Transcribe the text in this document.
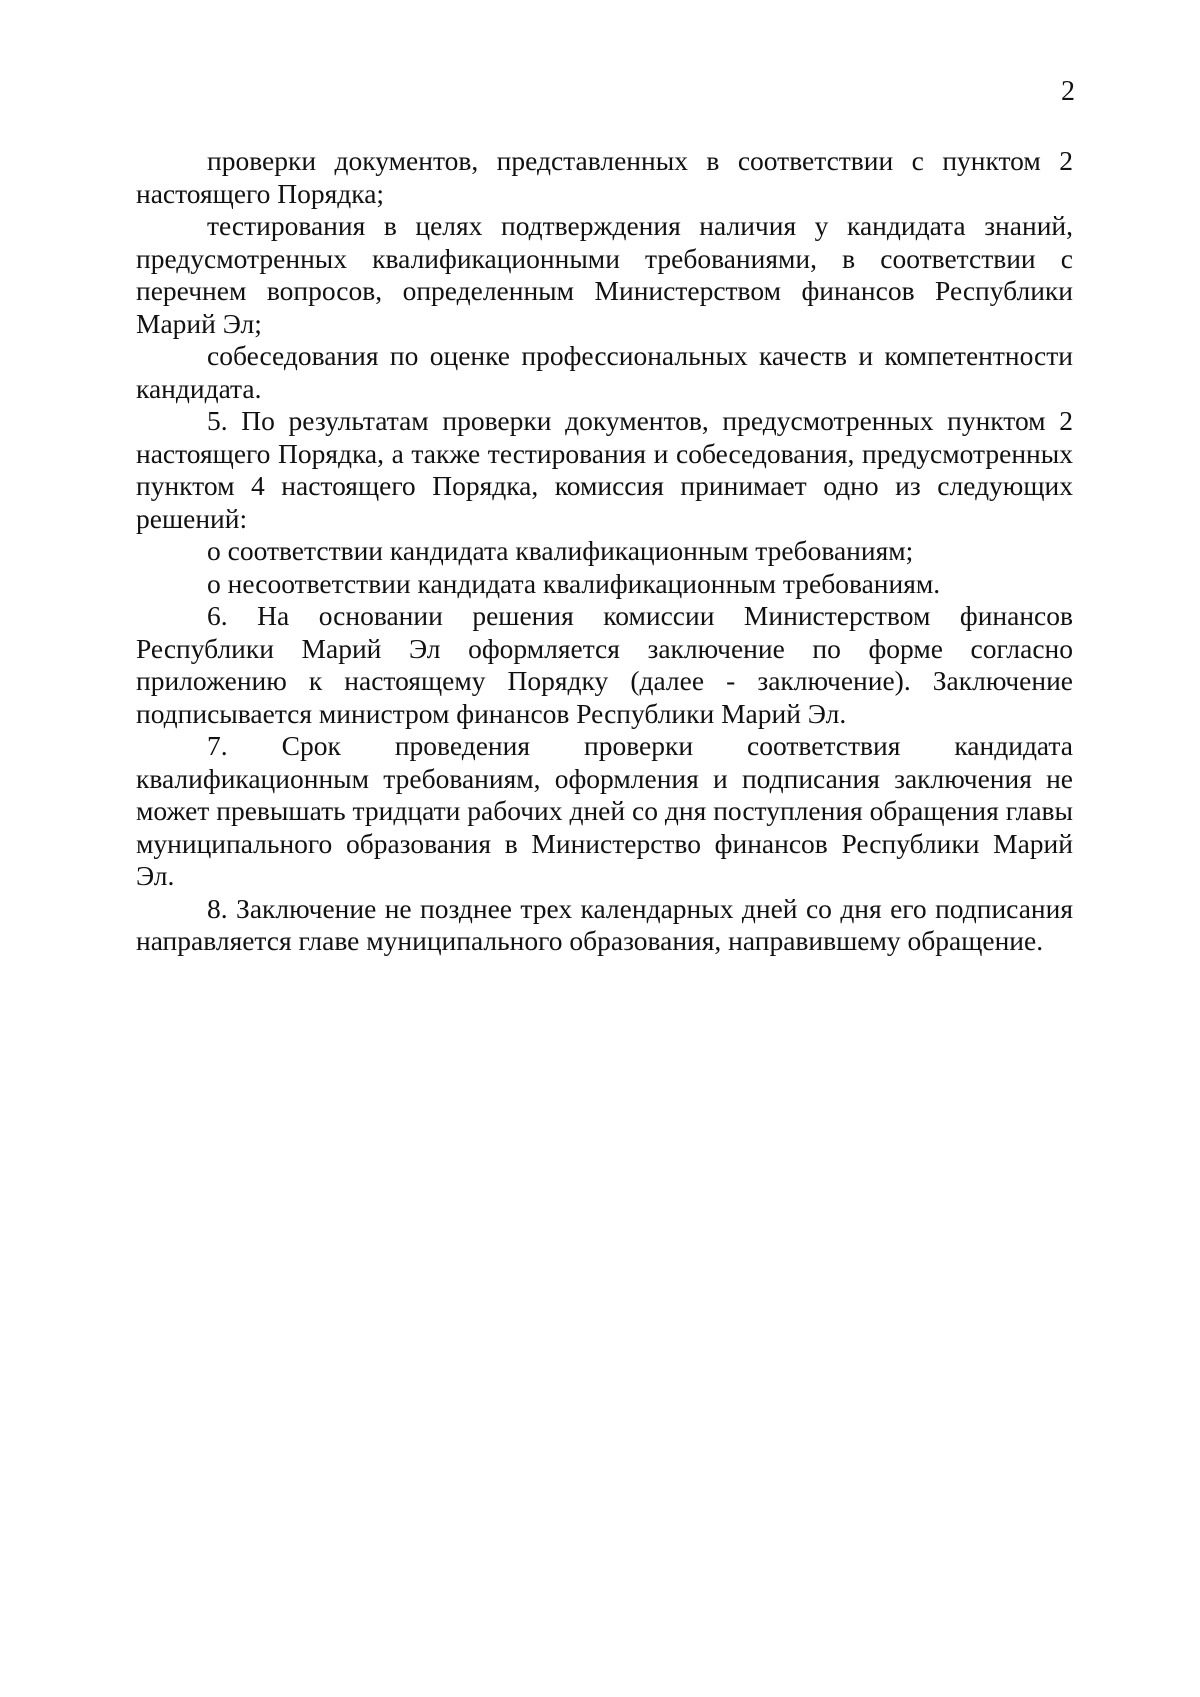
2

проверки документов, представленных в соответствии с пунктом 2 настоящего Порядка;

тестирования в целях подтверждения наличия у кандидата знаний, предусмотренных квалификационными требованиями, в соответствии с перечнем вопросов, определенным Министерством финансов Республики Марий Эл;

собеседования по оценке профессиональных качеств и компетентности кандидата.

5. По результатам проверки документов, предусмотренных пунктом 2 настоящего Порядка, а также тестирования и собеседования, предусмотренных пунктом 4 настоящего Порядка, комиссия принимает одно из следующих решений:

о соответствии кандидата квалификационным требованиям;

о несоответствии кандидата квалификационным требованиям.

6. На основании решения комиссии Министерством финансов Республики Марий Эл оформляется заключение по форме согласно приложению к настоящему Порядку (далее - заключение). Заключение подписывается министром финансов Республики Марий Эл.

7. Срок проведения проверки соответствия кандидата квалификационным требованиям, оформления и подписания заключения не может превышать тридцати рабочих дней со дня поступления обращения главы муниципального образования в Министерство финансов Республики Марий Эл.

8. Заключение не позднее трех календарных дней со дня его подписания направляется главе муниципального образования, направившему обращение.
